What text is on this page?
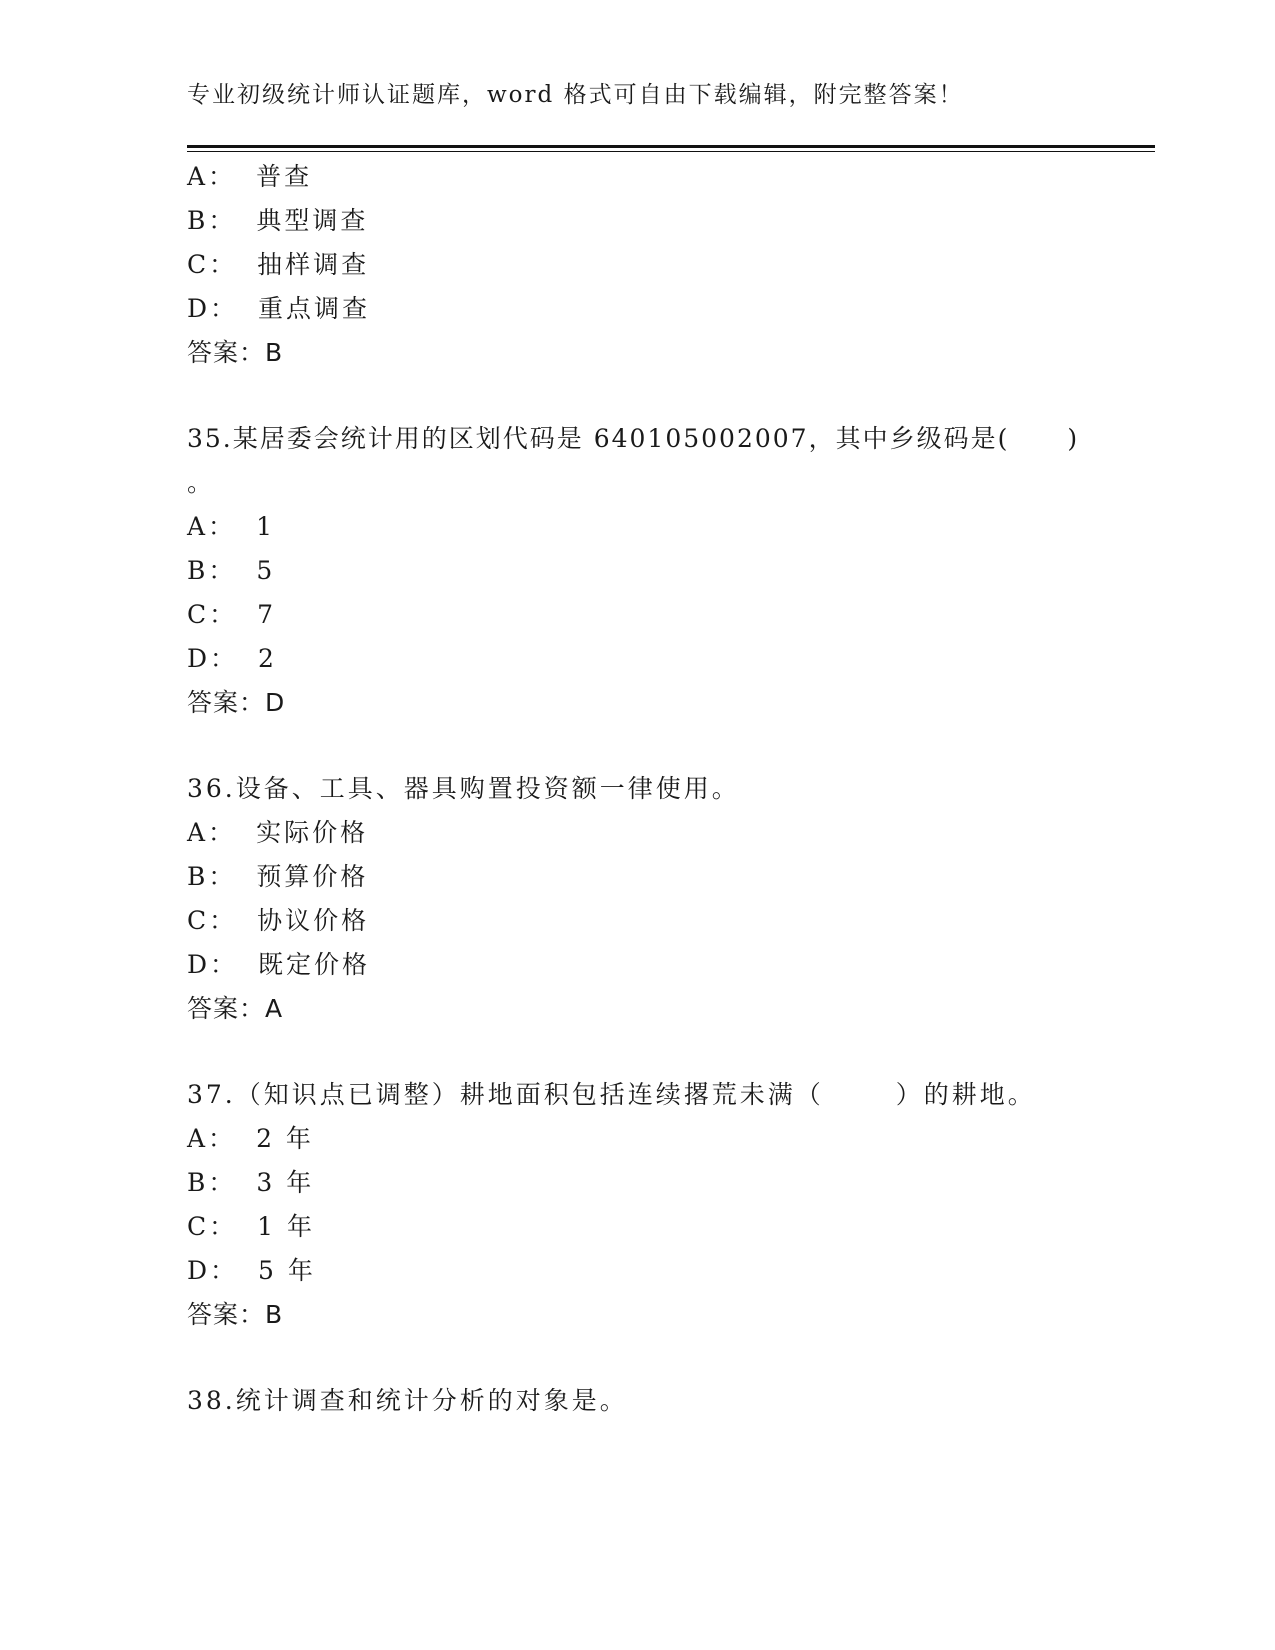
专业初级统计师认证题库，word 格式可自由下载编辑，附完整答案！
A： 普查
B： 典型调查
C： 抽样调查
D： 重点调查
答案：B
35.某居委会统计用的区划代码是 640105002007，其中乡级码是( )
。
A： 1
B： 5
C： 7
D： 2
答案：D
36.设备、工具、器具购置投资额一律使用。
A： 实际价格
B： 预算价格
C： 协议价格
D： 既定价格
答案：A
37.（知识点已调整）耕地面积包括连续撂荒未满（	）的耕地。
A： 2 年
B： 3 年
C： 1 年
D： 5 年
答案：B
38.统计调查和统计分析的对象是。
